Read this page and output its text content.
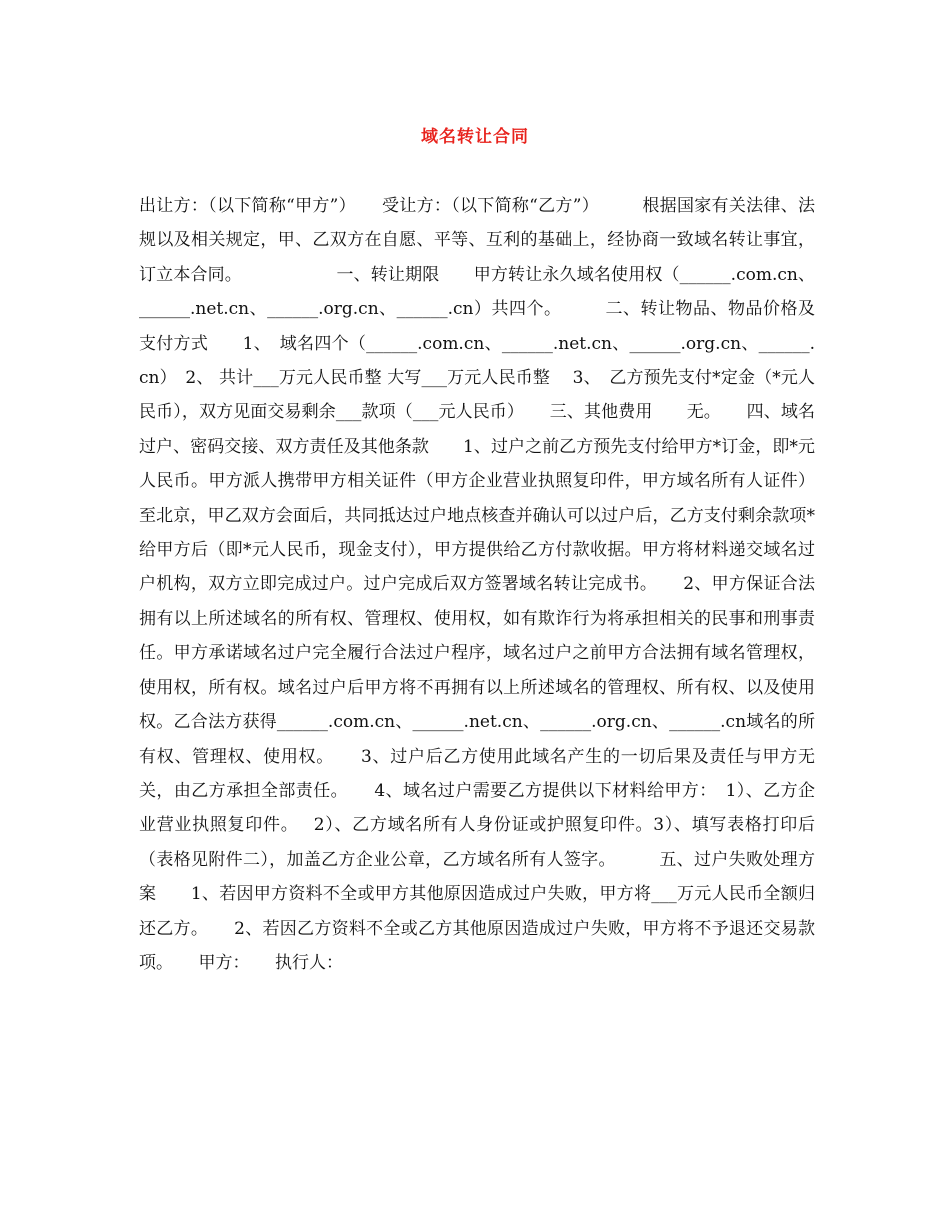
域名转让合同

出让方：（以下简称“甲方”）　　受让方：（以下简称“乙方”）　　　根据国家有关法律、法规以及相关规定，甲、乙双方在自愿、平等、互利的基础上，经协商一致域名转让事宜，订立本合同。　　　　　　一、转让期限　　甲方转让永久域名使用权（______.com.cn、______.net.cn、______.org.cn、______.cn）共四个。　　　二、转让物品、物品价格及支付方式　　1、　域名四个（______.com.cn、______.net.cn、______.org.cn、______.cn）　2、 共计___万元人民币整 大写___万元人民币整　 3、　乙方预先支付*定金（*元人民币），双方见面交易剩余___款项（___元人民币）　　三、其他费用　　无。　　四、域名过户、密码交接、双方责任及其他条款　　1、过户之前乙方预先支付给甲方*订金，即*元人民币。甲方派人携带甲方相关证件（甲方企业营业执照复印件，甲方域名所有人证件）至北京，甲乙双方会面后，共同抵达过户地点核查并确认可以过户后，乙方支付剩余款项*给甲方后（即*元人民币，现金支付），甲方提供给乙方付款收据。甲方将材料递交域名过户机构，双方立即完成过户。过户完成后双方签署域名转让完成书。　　2、甲方保证合法拥有以上所述域名的所有权、管理权、使用权，如有欺诈行为将承担相关的民事和刑事责任。甲方承诺域名过户完全履行合法过户程序，域名过户之前甲方合法拥有域名管理权，使用权，所有权。域名过户后甲方将不再拥有以上所述域名的管理权、所有权、以及使用权。乙合法方获得______.com.cn、______.net.cn、______.org.cn、______.cn域名的所有权、管理权、使用权。　　3、过户后乙方使用此域名产生的一切后果及责任与甲方无关，由乙方承担全部责任。　　4、域名过户需要乙方提供以下材料给甲方：　1）、乙方企业营业执照复印件。　 2）、乙方域名所有人身份证或护照复印件。3）、填写表格打印后（表格见附件二），加盖乙方企业公章，乙方域名所有人签字。　　　五、过户失败处理方案　　1、若因甲方资料不全或甲方其他原因造成过户失败，甲方将___万元人民币全额归还乙方。　　2、若因乙方资料不全或乙方其他原因造成过户失败，甲方将不予退还交易款项。　　甲方：　　执行人：
